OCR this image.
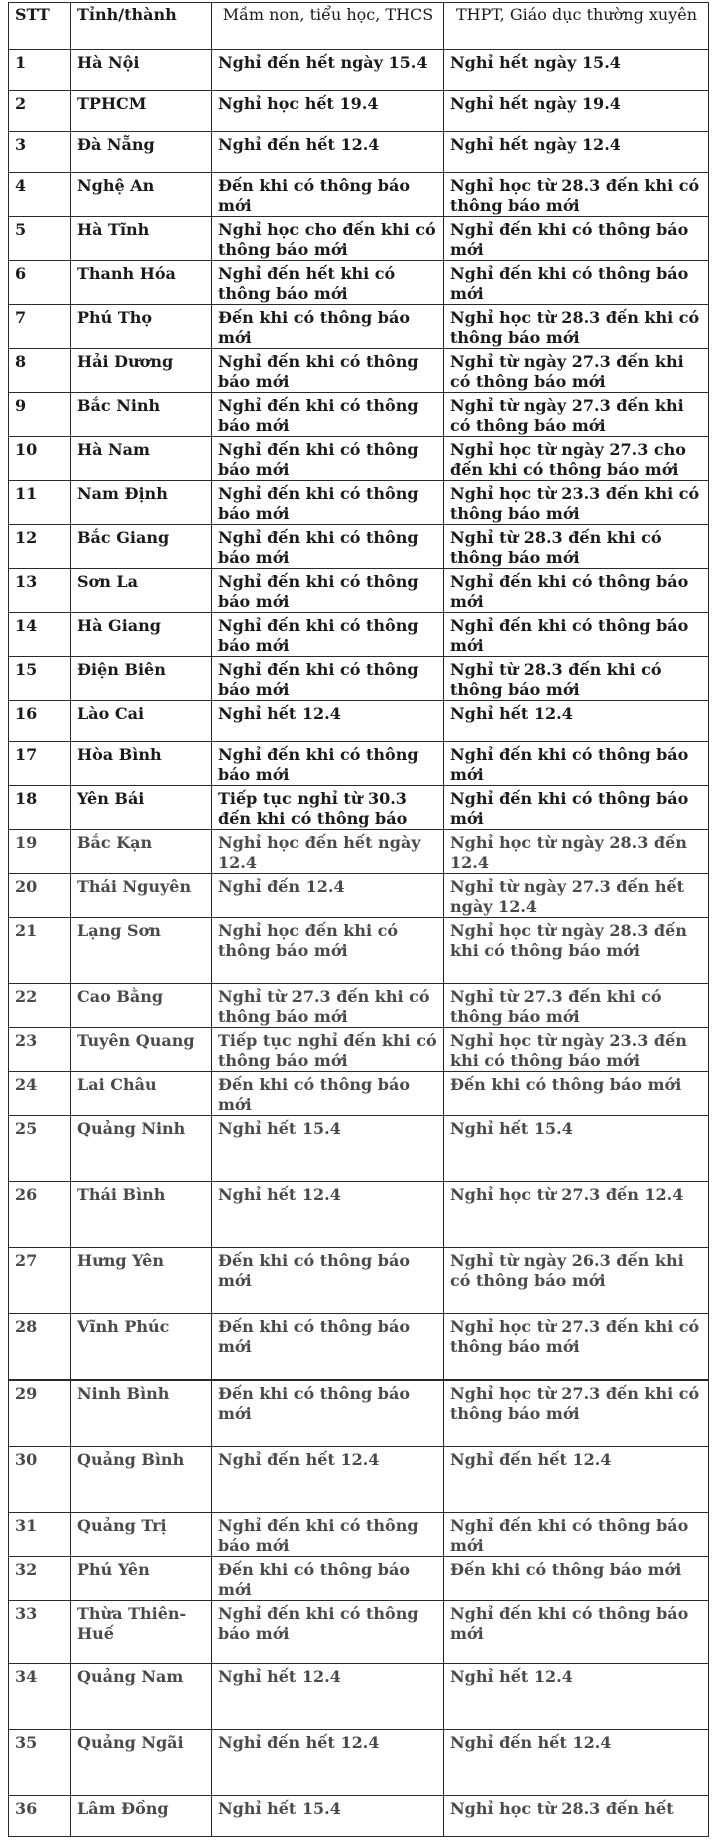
STT	Tỉnh/thành	Mầm non, tiểu học, THCS	THPT, Giáo dục thường xuyên
1	Hà Nội	Nghỉ đến hết ngày 15.4	Nghỉ hết ngày 15.4
2	TPHCM	Nghỉ học hết 19.4	Nghỉ hết ngày 19.4
3	Đà Nẵng	Nghỉ đến hết 12.4	Nghỉ hết ngày 12.4
4	Nghệ An	Đến khi có thông báo mới	Nghỉ học từ 28.3 đến khi có thông báo mới
5	Hà Tĩnh	Nghỉ học cho đến khi có thông báo mới	Nghỉ đến khi có thông báo mới
6	Thanh Hóa	Nghỉ đến hết khi có thông báo mới	Nghỉ đến khi có thông báo mới
7	Phú Thọ	Đến khi có thông báo mới	Nghỉ học từ 28.3 đến khi có thông báo mới
8	Hải Dương	Nghỉ đến khi có thông báo mới	Nghỉ từ ngày 27.3 đến khi có thông báo mới
9	Bắc Ninh	Nghỉ đến khi có thông báo mới	Nghỉ từ ngày 27.3 đến khi có thông báo mới
10	Hà Nam	Nghỉ đến khi có thông báo mới	Nghỉ học từ ngày 27.3 cho đến khi có thông báo mới
11	Nam Định	Nghỉ đến khi có thông báo mới	Nghỉ học từ 23.3 đến khi có thông báo mới
12	Bắc Giang	Nghỉ đến khi có thông báo mới	Nghỉ từ 28.3 đến khi có thông báo mới
13	Sơn La	Nghỉ đến khi có thông báo mới	Nghỉ đến khi có thông báo mới
14	Hà Giang	Nghỉ đến khi có thông báo mới	Nghỉ đến khi có thông báo mới
15	Điện Biên	Nghỉ đến khi có thông báo mới	Nghỉ từ 28.3 đến khi có thông báo mới
16	Lào Cai	Nghỉ hết 12.4	Nghỉ hết 12.4
17	Hòa Bình	Nghỉ đến khi có thông báo mới	Nghỉ đến khi có thông báo mới
18	Yên Bái	Tiếp tục nghỉ từ 30.3 đến khi có thông báo	Nghỉ đến khi có thông báo mới
19	Bắc Kạn	Nghỉ học đến hết ngày 12.4	Nghỉ học từ ngày 28.3 đến 12.4
20	Thái Nguyên	Nghỉ đến 12.4	Nghỉ từ ngày 27.3 đến hết ngày 12.4
21	Lạng Sơn	Nghỉ học đến khi có thông báo mới	Nghỉ học từ ngày 28.3 đến khi có thông báo mới
22	Cao Bằng	Nghỉ từ 27.3 đến khi có thông báo mới	Nghỉ từ 27.3 đến khi có thông báo mới
23	Tuyên Quang	Tiếp tục nghỉ đến khi có thông báo mới	Nghỉ học từ ngày 23.3 đến khi có thông báo mới
24	Lai Châu	Đến khi có thông báo mới	Đến khi có thông báo mới
25	Quảng Ninh	Nghỉ hết 15.4	Nghỉ hết 15.4
26	Thái Bình	Nghỉ hết 12.4	Nghỉ học từ 27.3 đến 12.4
27	Hưng Yên	Đến khi có thông báo mới	Nghỉ từ ngày 26.3 đến khi có thông báo mới
28	Vĩnh Phúc	Đến khi có thông báo mới	Nghỉ học từ 27.3 đến khi có thông báo mới
29	Ninh Bình	Đến khi có thông báo mới	Nghỉ học từ 27.3 đến khi có thông báo mới
30	Quảng Bình	Nghỉ đến hết 12.4	Nghỉ đến hết 12.4
31	Quảng Trị	Nghỉ đến khi có thông báo mới	Nghỉ đến khi có thông báo mới
32	Phú Yên	Đến khi có thông báo mới	Đến khi có thông báo mới
33	Thừa Thiên-Huế	Nghỉ đến khi có thông báo mới	Nghỉ đến khi có thông báo mới
34	Quảng Nam	Nghỉ hết 12.4	Nghỉ hết 12.4
35	Quảng Ngãi	Nghỉ đến hết 12.4	Nghỉ đến hết 12.4
36	Lâm Đồng	Nghỉ hết 15.4	Nghỉ học từ 28.3 đến hết
